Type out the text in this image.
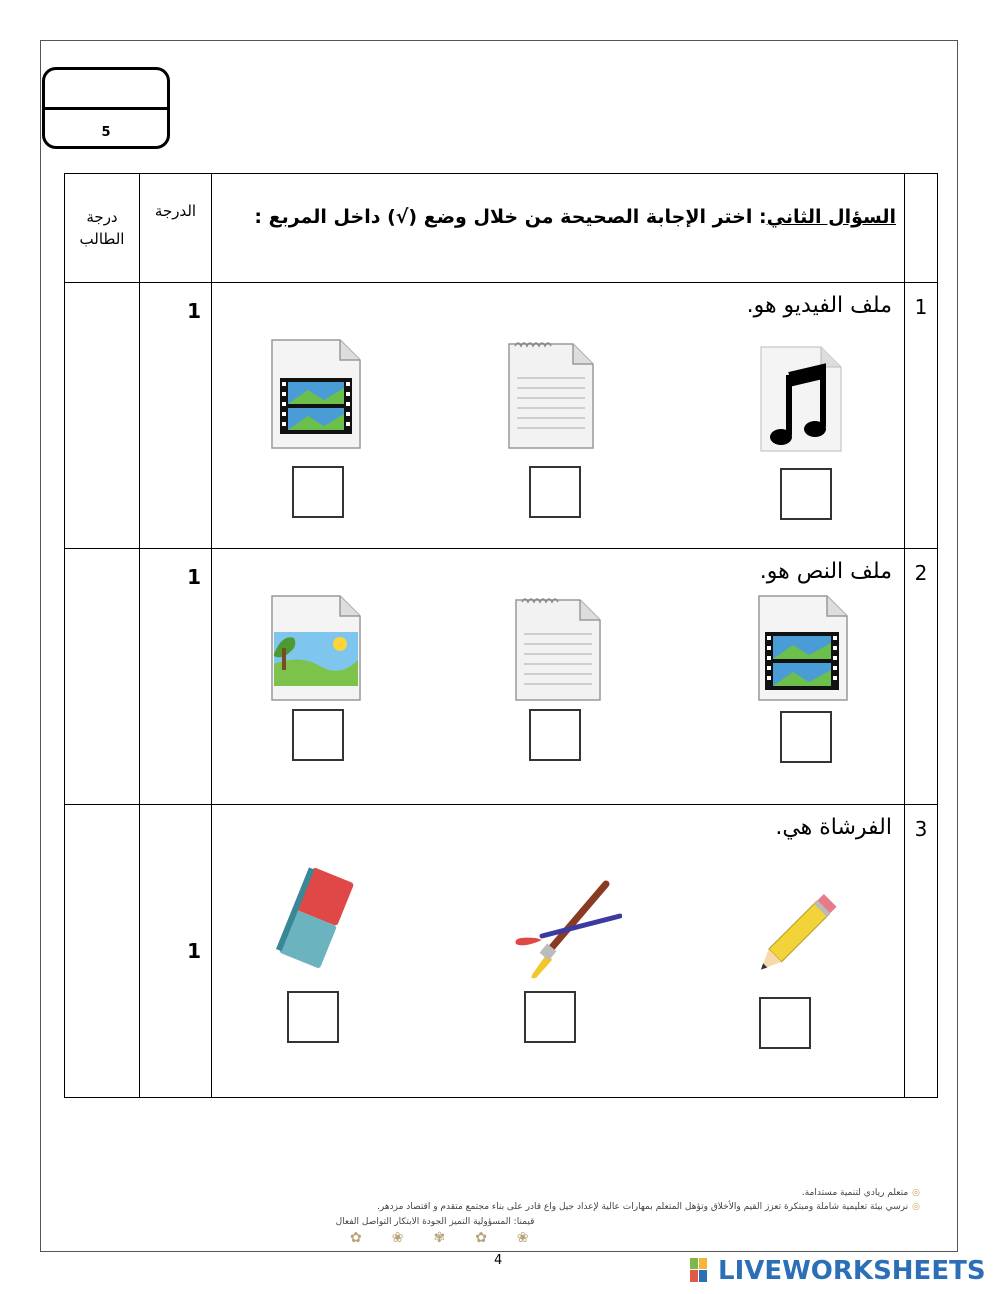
5
درجة
الطالب	الدرجة	السؤال الثاني: اختر الإجابة الصحيحة من خلال وضع (√) داخل المربع :	
	1	ملف الفيديو هو.	1
	1	ملف النص هو.	2
	1	الفرشاة هي.	3
◎متعلم ريادي لتنمية مستدامة.
◎نرسي بيئة تعليمية شاملة ومبتكرة تعزز القيم والأخلاق وتؤهل المتعلم بمهارات عالية لإعداد جيل واع قادر على بناء مجتمع متقدم و اقتصاد مزدهر.
قيمنا: المسؤولية التميز الجودة الابتكار التواصل الفعال
✿❀✾✿❀
4	LIVEWORKSHEETS
